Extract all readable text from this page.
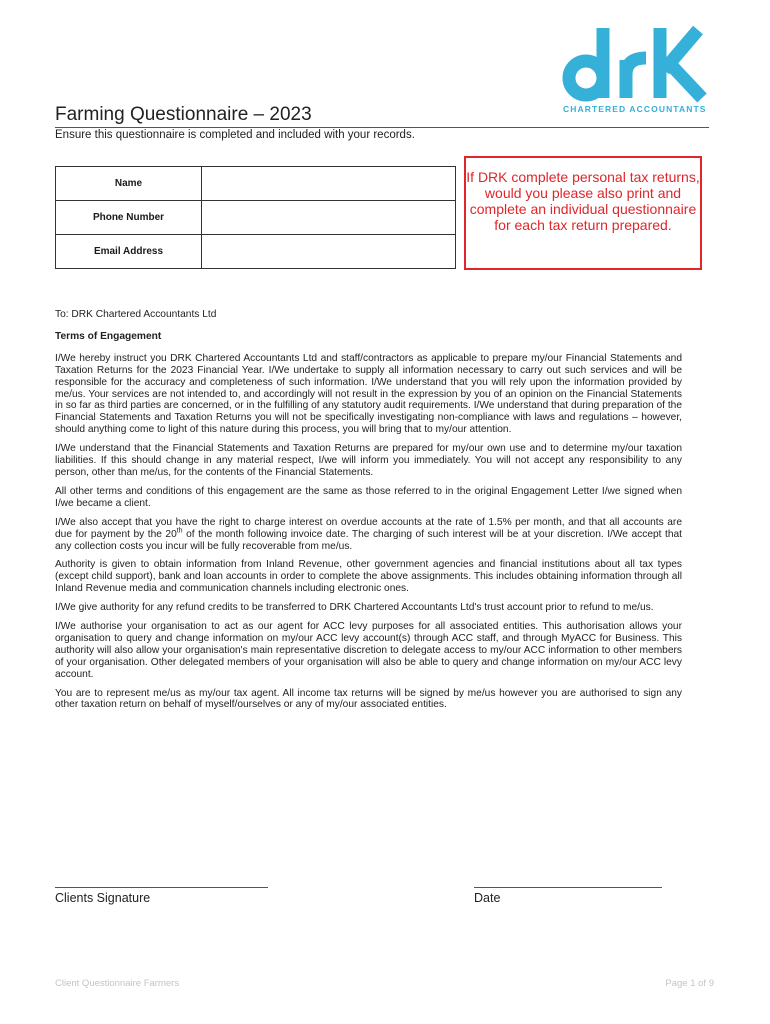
CHARTERED ACCOUNTANTS
Farming Questionnaire – 2023
Ensure this questionnaire is completed and included with your records.
Name	
Phone Number	
Email Address	
If DRK complete personal tax returns, would you please also print and complete an individual questionnaire for each tax return prepared.

To: DRK Chartered Accountants Ltd

Terms of Engagement

I/We hereby instruct you DRK Chartered Accountants Ltd and staff/contractors as applicable to prepare my/our Financial Statements and Taxation Returns for the 2023 Financial Year. I/We undertake to supply all information necessary to carry out such services and will be responsible for the accuracy and completeness of such information. I/We understand that you will rely upon the information provided by me/us. Your services are not intended to, and accordingly will not result in the expression by you of an opinion on the Financial Statements in so far as third parties are concerned, or in the fulfilling of any statutory audit requirements. I/We understand that during preparation of the Financial Statements and Taxation Returns you will not be specifically investigating non-compliance with laws and regulations – however, should anything come to light of this nature during this process, you will bring that to my/our attention.

I/We understand that the Financial Statements and Taxation Returns are prepared for my/our own use and to determine my/our taxation liabilities. If this should change in any material respect, I/we will inform you immediately. You will not accept any responsibility to any person, other than me/us, for the contents of the Financial Statements.

All other terms and conditions of this engagement are the same as those referred to in the original Engagement Letter I/we signed when I/we became a client.

I/We also accept that you have the right to charge interest on overdue accounts at the rate of 1.5% per month, and that all accounts are due for payment by the 20th of the month following invoice date. The charging of such interest will be at your discretion. I/We accept that any collection costs you incur will be fully recoverable from me/us.

Authority is given to obtain information from Inland Revenue, other government agencies and financial institutions about all tax types (except child support), bank and loan accounts in order to complete the above assignments. This includes obtaining information through all Inland Revenue media and communication channels including electronic ones.

I/We give authority for any refund credits to be transferred to DRK Chartered Accountants Ltd's trust account prior to refund to me/us.

I/We authorise your organisation to act as our agent for ACC levy purposes for all associated entities. This authorisation allows your organisation to query and change information on my/our ACC levy account(s) through ACC staff, and through MyACC for Business. This authority will also allow your organisation's main representative discretion to delegate access to my/our ACC information to other members of your organisation. Other delegated members of your organisation will also be able to query and change information on my/our ACC levy account.

You are to represent me/us as my/our tax agent. All income tax returns will be signed by me/us however you are authorised to sign any other taxation return on behalf of myself/ourselves or any of my/our associated entities.

Clients Signature	Date
Client Questionnaire Farmers	Page 1 of 9
